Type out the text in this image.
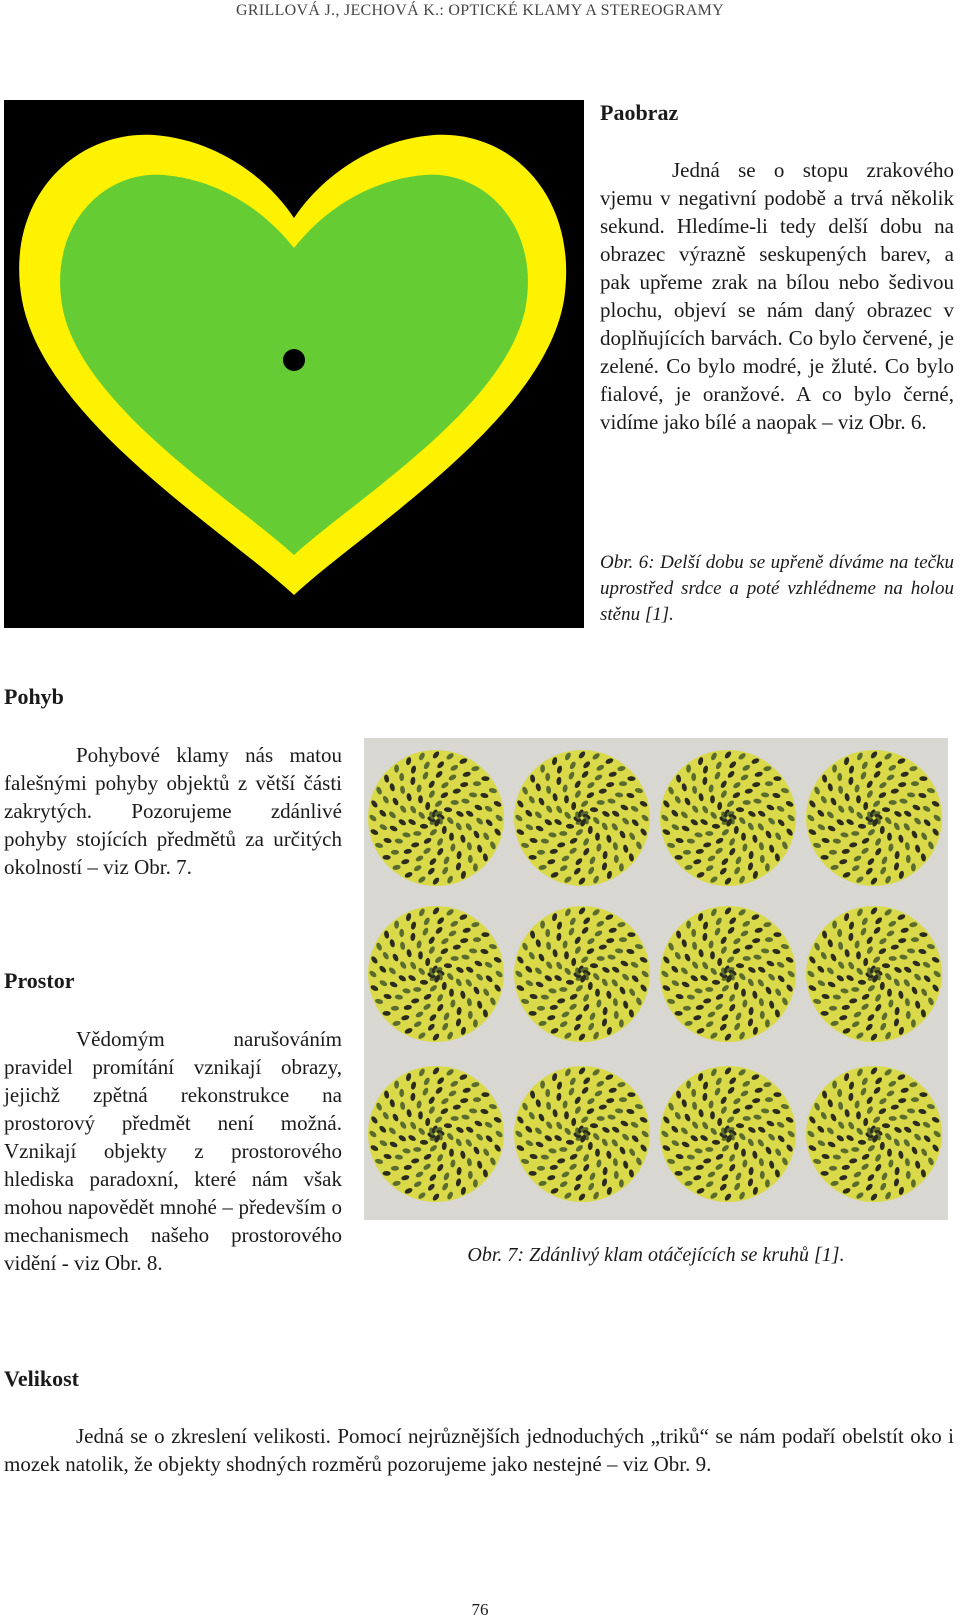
GRILLOVÁ J., JECHOVÁ K.: OPTICKÉ KLAMY A STEREOGRAMY
Paobraz
Jedná se o stopu zrakového vjemu v negativní podobě a trvá několik sekund. Hledíme-li tedy delší dobu na obrazec výrazně seskupených barev, a pak upřeme zrak na bílou nebo šedivou plochu, objeví se nám daný obrazec v doplňujících barvách. Co bylo červené, je zelené. Co bylo modré, je žluté. Co bylo fialové, je oranžové. A co bylo černé, vidíme jako bílé a naopak – viz Obr. 6.
Obr. 6: Delší dobu se upřeně díváme na tečku uprostřed srdce a poté vzhlédneme na holou stěnu [1].
Pohyb
Pohybové klamy nás matou falešnými pohyby objektů z větší části zakrytých. Pozorujeme zdánlivé pohyby stojících předmětů za určitých okolností – viz Obr. 7.
Obr. 7: Zdánlivý klam otáčejících se kruhů [1].
Prostor
Vědomým narušováním pravidel promítání vznikají obrazy, jejichž zpětná rekonstrukce na prostorový předmět není možná. Vznikají objekty z prostorového hlediska paradoxní, které nám však mohou napovědět mnohé – především o mechanismech našeho prostorového vidění - viz Obr. 8.
Velikost
Jedná se o zkreslení velikosti. Pomocí nejrůznějších jednoduchých „triků“ se nám podaří obelstít oko i mozek natolik, že objekty shodných rozměrů pozorujeme jako nestejné – viz Obr. 9.
76
